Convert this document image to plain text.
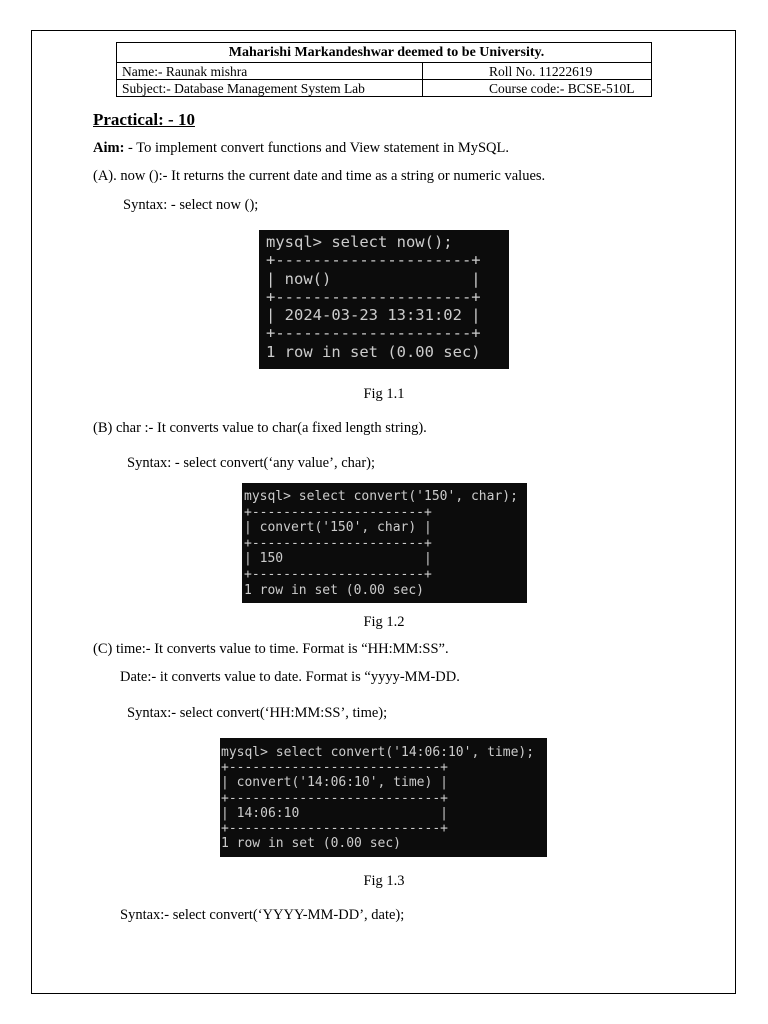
Maharishi Markandeshwar deemed to be University.	
Name:- Raunak mishra	Roll No. 11222619
Subject:- Database Management System Lab	Course code:- BCSE-510L
Practical: - 10
Aim: - To implement convert functions and View statement in MySQL.
(A). now ():- It returns the current date and time as a string or numeric values.
Syntax: - select now ();
mysql> select now();
+---------------------+
| now()               |
+---------------------+
| 2024-03-23 13:31:02 |
+---------------------+
1 row in set (0.00 sec)
Fig 1.1
(B) char :- It converts value to char(a fixed length string).
Syntax: - select convert(‘any value’, char);
mysql> select convert('150', char);
+----------------------+
| convert('150', char) |
+----------------------+
| 150                  |
+----------------------+
1 row in set (0.00 sec)
Fig 1.2
(C) time:- It converts value to time. Format is “HH:MM:SS”.
Date:- it converts value to date. Format is “yyyy-MM-DD.
Syntax:- select convert(‘HH:MM:SS’, time);
mysql> select convert('14:06:10', time);
+---------------------------+
| convert('14:06:10', time) |
+---------------------------+
| 14:06:10                  |
+---------------------------+
1 row in set (0.00 sec)
Fig 1.3
Syntax:- select convert(‘YYYY-MM-DD’, date);
